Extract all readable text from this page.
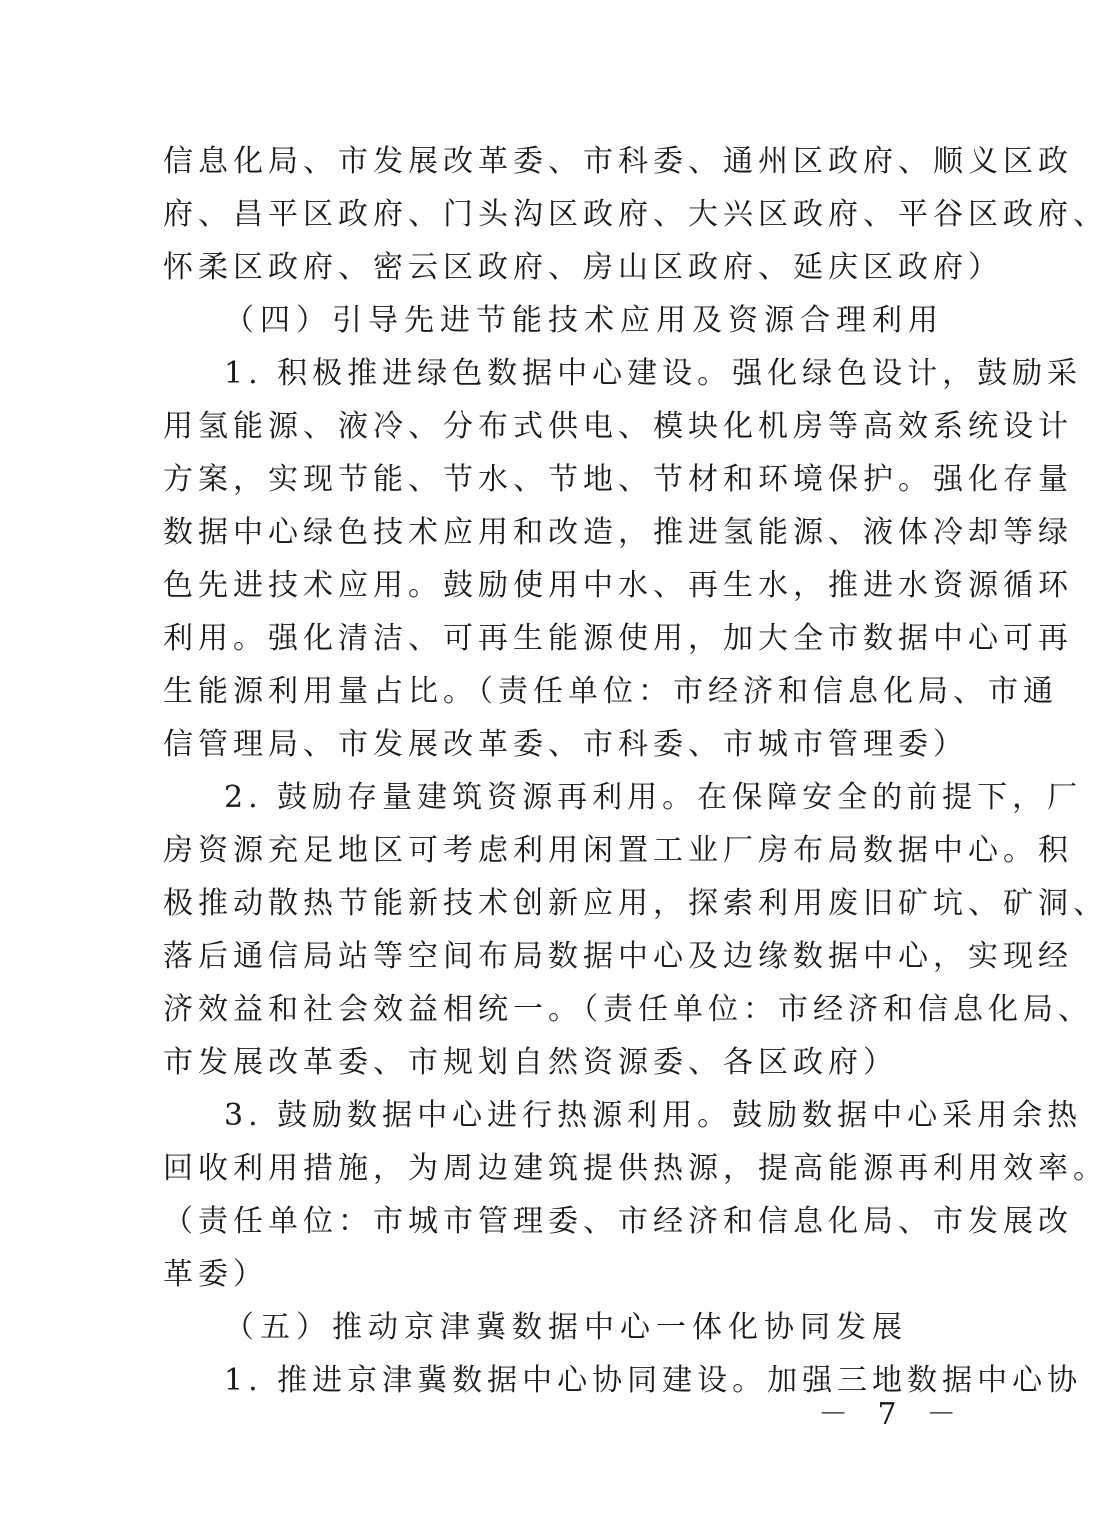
信息化局、市发展改革委、市科委、通州区政府、顺义区政
府、昌平区政府、门头沟区政府、大兴区政府、平谷区政府、
怀柔区政府、密云区政府、房山区政府、延庆区政府）
（四）引导先进节能技术应用及资源合理利用
1. 积极推进绿色数据中心建设。强化绿色设计，鼓励采
用氢能源、液冷、分布式供电、模块化机房等高效系统设计
方案，实现节能、节水、节地、节材和环境保护。强化存量
数据中心绿色技术应用和改造，推进氢能源、液体冷却等绿
色先进技术应用。鼓励使用中水、再生水，推进水资源循环
利用。强化清洁、可再生能源使用，加大全市数据中心可再
生能源利用量占比。（责任单位：市经济和信息化局、市通
信管理局、市发展改革委、市科委、市城市管理委）
2. 鼓励存量建筑资源再利用。在保障安全的前提下，厂
房资源充足地区可考虑利用闲置工业厂房布局数据中心。积
极推动散热节能新技术创新应用，探索利用废旧矿坑、矿洞、
落后通信局站等空间布局数据中心及边缘数据中心，实现经
济效益和社会效益相统一。（责任单位：市经济和信息化局、
市发展改革委、市规划自然资源委、各区政府）
3. 鼓励数据中心进行热源利用。鼓励数据中心采用余热
回收利用措施，为周边建筑提供热源，提高能源再利用效率。
（责任单位：市城市管理委、市经济和信息化局、市发展改
革委）
（五）推动京津冀数据中心一体化协同发展
1. 推进京津冀数据中心协同建设。加强三地数据中心协
－ 7 －
